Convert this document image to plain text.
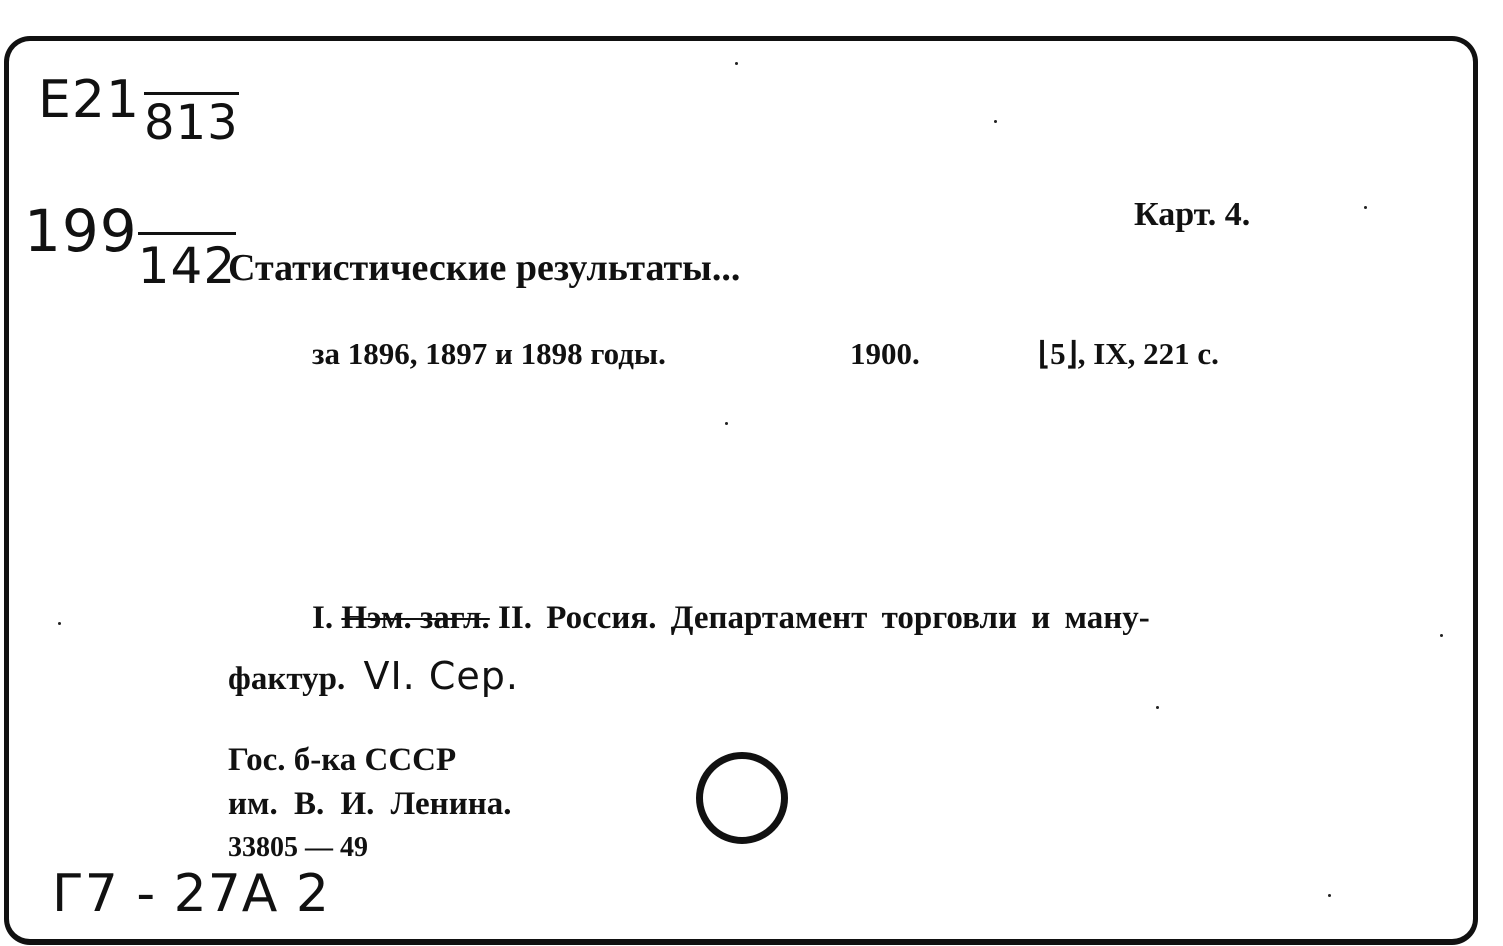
E21813
199142
Карт. 4.
Статистические результаты...
за 1896, 1897 и 1898 годы.	1900.	⌊5⌋, IX, 221 с.
I. Нэм. загл. II. Россия. Департамент торговли и ману-
фактур. VI. Сер.
Гос. б-ка СССР
им. В. И. Ленина.
33805 — 49
Г7 - 27А 2
